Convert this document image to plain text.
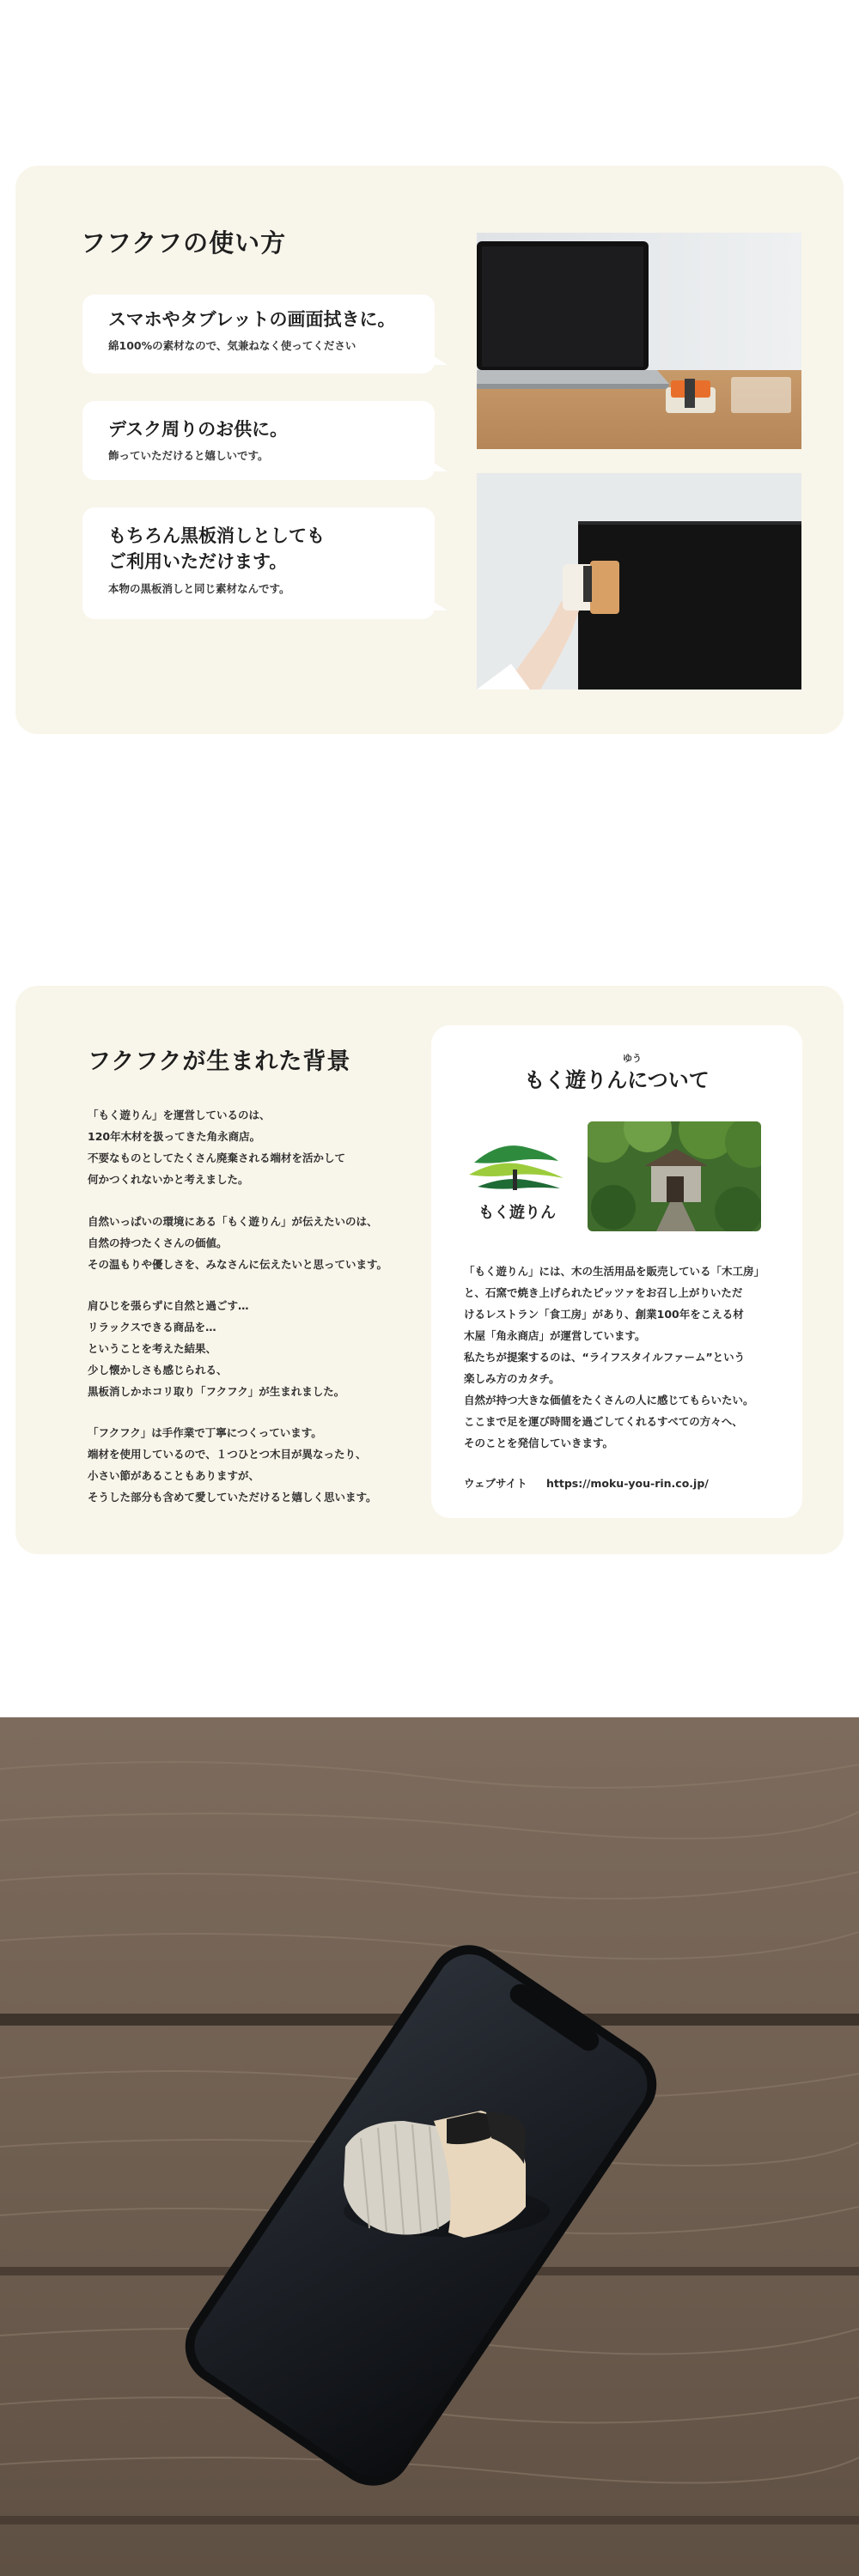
フフクフの使い方
スマホやタブレットの画面拭きに。
綿100%の素材なので、気兼ねなく使ってください
デスク周りのお供に。
飾っていただけると嬉しいです。
もちろん黒板消しとしても
ご利用いただけます。
本物の黒板消しと同じ素材なんです。
フクフクが生まれた背景

「もく遊りん」を運営しているのは、
120年木材を扱ってきた角永商店。
不要なものとしてたくさん廃棄される端材を活かして
何かつくれないかと考えました。

自然いっぱいの環境にある「もく遊りん」が伝えたいのは、
自然の持つたくさんの価値。
その温もりや優しさを、みなさんに伝えたいと思っています。

肩ひじを張らずに自然と過ごす…
リラックスできる商品を…
ということを考えた結果、
少し懐かしさも感じられる、
黒板消しかホコリ取り「フクフク」が生まれました。

「フクフク」は手作業で丁寧につくっています。
端材を使用しているので、１つひとつ木目が異なったり、
小さい節があることもありますが、
そうした部分も含めて愛していただけると嬉しく思います。

ゆう
もく遊りんについて
もく遊りん

「もく遊りん」には、木の生活用品を販売している「木工房」
と、石窯で焼き上げられたピッツァをお召し上がりいただ
けるレストラン「食工房」があり、創業100年をこえる材
木屋「角永商店」が運営しています。
私たちが提案するのは、“ライフスタイルファーム”という
楽しみ方のカタチ。
自然が持つ大きな価値をたくさんの人に感じてもらいたい。
ここまで足を運び時間を過ごしてくれるすべての方々へ、
そのことを発信していきます。

ウェブサイト https://moku-you-rin.co.jp/
